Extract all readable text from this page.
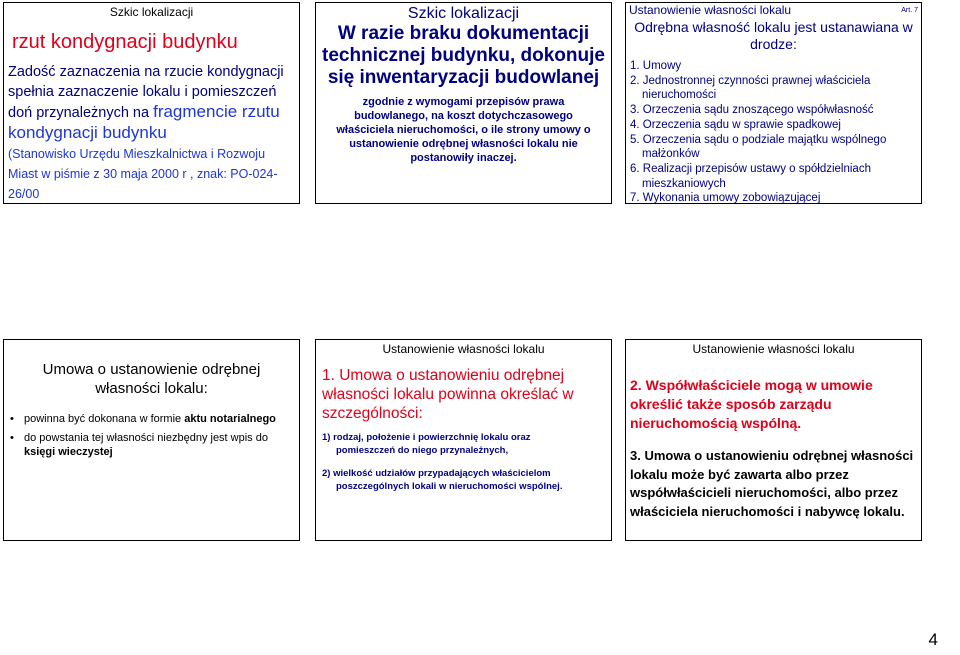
Szkic lokalizacji
rzut kondygnacji budynku
Zadość zaznaczenia na rzucie kondygnacji spełnia zaznaczenie lokalu i pomieszczeń doń przynależnych na fragmencie rzutu kondygnacji budynku
(Stanowisko Urzędu Mieszkalnictwa i Rozwoju Miast w piśmie z 30 maja 2000 r , znak: PO-024-26/00
Szkic lokalizacji
W razie braku dokumentacji technicznej budynku, dokonuje się inwentaryzacji budowlanej
zgodnie z wymogami przepisów prawa budowlanego, na koszt dotychczasowego właściciela nieruchomości, o ile strony umowy o ustanowienie odrębnej własności lokalu nie postanowiły inaczej.
Ustanowienie własności lokalu	Art. 7
Odrębna własność lokalu jest ustanawiana w drodze:
1. Umowy
2. Jednostronnej czynności prawnej właściciela nieruchomości
3. Orzeczenia sądu znoszącego współwłasność
4. Orzeczenia sądu w sprawie spadkowej
5. Orzeczenia sądu o podziale majątku wspólnego małżonków
6. Realizacji przepisów ustawy o spółdzielniach mieszkaniowych
7. Wykonania umowy zobowiązującej
Umowa o ustanowienie odrębnej własności lokalu:
• powinna być dokonana w formie aktu notarialnego
• do powstania tej własności niezbędny jest wpis do księgi wieczystej
Ustanowienie własności lokalu
1. Umowa o ustanowieniu odrębnej własności lokalu powinna określać w szczególności:
1) rodzaj, położenie i powierzchnię lokalu oraz
pomieszczeń do niego przynależnych,
2) wielkość udziałów przypadających właścicielom
poszczególnych lokali w nieruchomości wspólnej.
Ustanowienie własności lokalu
2. Współwłaściciele mogą w umowie określić także sposób zarządu nieruchomością wspólną.
3. Umowa o ustanowieniu odrębnej własności lokalu może być zawarta albo przez współwłaścicieli nieruchomości, albo przez właściciela nieruchomości i nabywcę lokalu.
4
